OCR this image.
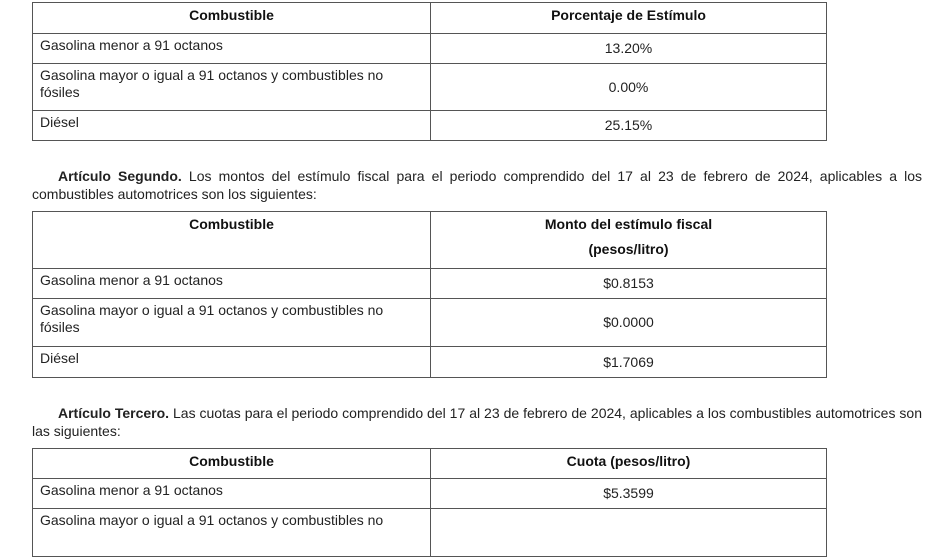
Combustible	Porcentaje de Estímulo
Gasolina menor a 91 octanos	13.20%
Gasolina mayor o igual a 91 octanos y combustibles no fósiles	0.00%
Diésel	25.15%
Artículo Segundo. Los montos del estímulo fiscal para el periodo comprendido del 17 al 23 de febrero de 2024, aplicables a los combustibles automotrices son los siguientes:
Combustible	Monto del estímulo fiscal
(pesos/litro)

Gasolina menor a 91 octanos	$0.8153
Gasolina mayor o igual a 91 octanos y combustibles no fósiles	$0.0000
Diésel	$1.7069
Artículo Tercero. Las cuotas para el periodo comprendido del 17 al 23 de febrero de 2024, aplicables a los combustibles automotrices son las siguientes:
Combustible	Cuota (pesos/litro)
Gasolina menor a 91 octanos	$5.3599
Gasolina mayor o igual a 91 octanos y combustibles no	
